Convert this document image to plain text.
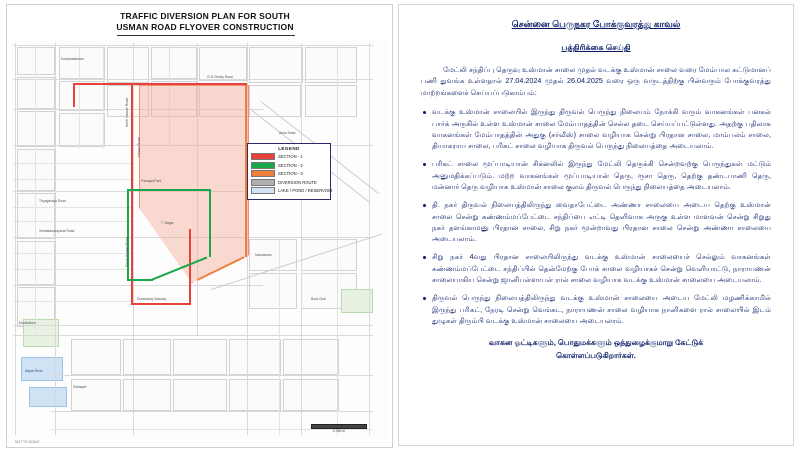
TRAFFIC DIVERSION PLAN FOR SOUTH
USMAN ROAD FLYOVER CONSTRUCTION
LEGEND
SECTION - 1
SECTION - 2
SECTION - 3
DIVERSION ROUTE
LAKE / POND / RESERVOIR
Usman Road
Anna Salai
North Usman Road
South Usman Road
Venkatanarayana Road
Thyagaraya Road
G N Chetty Road
Duraisamy Subway
Panagal Park
Mambalam
T. Nagar
Saidapet
Kodambakkam
Nandanam
Adyar River
Boat Club
0 250 m
NOT TO SCALE
சென்னை பெருநகர போக்குவரத்து காவல்
பத்திரிக்கை செய்தி
மேட்லி சந்திப்பு தெருவு உஸ்மான் சாலை முதல் வடக்கு உஸ்மான் சாலை வரை மேம்பால கட்டுமானப் பணி துவங்க உள்ளதால் 27.04.2024 முதல் 26.04.2025 வரை ஒரு வருடத்திற்கு பின்வரும் போக்குவரத்து மாற்றங்களைச் செய்யப்படுகாம்பம்:
வடக்கு உஸ்மான் சாலையில் இருந்து திருவல் பெருந்து நிலையம் நோக்கி வரும் வாகனங்கள் பனகல் பார்க் அருகில் உள்ள உஸ்மான் சாலை மேம்பாதத்தின் செல்ல தடை செய்யப்பட்டுள்ளது. அதற்கு பதிலாக வாகனங்கள் மேம்பாதத்தின் அதுகு (சர்வீஸ்) சாலை வழியாக சென்று பிரதான சாலை, மாம்பலம் சாலை, தியாகராய சாலை, பரிகட் சாலை வழியாக திருவல் பெருந்து நிலையத்தை அடையலாம்.
பரிகட் சாலை மூப்பாடியான் சிக்னலில் இருந்து மேட்லி தெருக்கி சென்றவற்கு பெருந்துகள் மட்டும் அனுமதிக்கப்படும். மற்ற வாகனங்கள் மூப்பாடியான் தெரு, ரூசா தெரு, தெற்கு தண்டபாணி தெரு, மன்னார் தெரு வழியாக உஸ்மான் சாலை குலம் திருவல் பெருந்து நிலையத்தை அடையலாம்.
தி. நகர் திருவல் நிலையத்திலிருந்து வைதாபேட்டை அண்ணா சாலையை அடைய தெற்கு உஸ்மான் சாலை சென்று கண்ணம்மப்பேட்டை சந்திப்பை எட்டி தெளிவாக அருகு உள்ள மாளவன் சென்று சிறுது நகர் தளங்காமனு பிரதான சாலை, சிறு நகர் மூன்றாவது பிரதான சாலை சென்று அண்ணா சாலையை அடையலாம்.
சிறு நகர் 4வது பிரதான சாலையிலிருந்து வடக்கு உஸ்மான் சாலையைச் செல்லும் வாகனங்கள் கண்ணம்மப்பேட்டை சந்திப்பில் தென்மேற்கு போக் சாலை வழியாகச் சென்று வெளியாட்டு, நாராயணன் சாலையாகிய சென்று ஜானிபள்ளாபள் ரால் சாலை வழியாக வடக்கு உஸ்மான் சாலையை அடையலாம்.
திருவல் பெருந்து நிலையத்திலிருந்து வடக்கு உஸ்மான் சாலையை அடைய மேட்லி மழணிக்காமில் இருந்து பரிகட், நேரடி சென்று வெங்கட, நாராயணன் சாலை வழியாக நானிகளை ரால் சாலையில் இடம் துழுகள் திரும்பி வடக்கு உஸ்மான் சாலையை அடையலாம்.
வாகன ஓட்டிகளும், பொதுமக்களும் ஒத்துழைக்குமாறு கேட்டுக்
கொள்ளப்படுகிறார்கள்.
